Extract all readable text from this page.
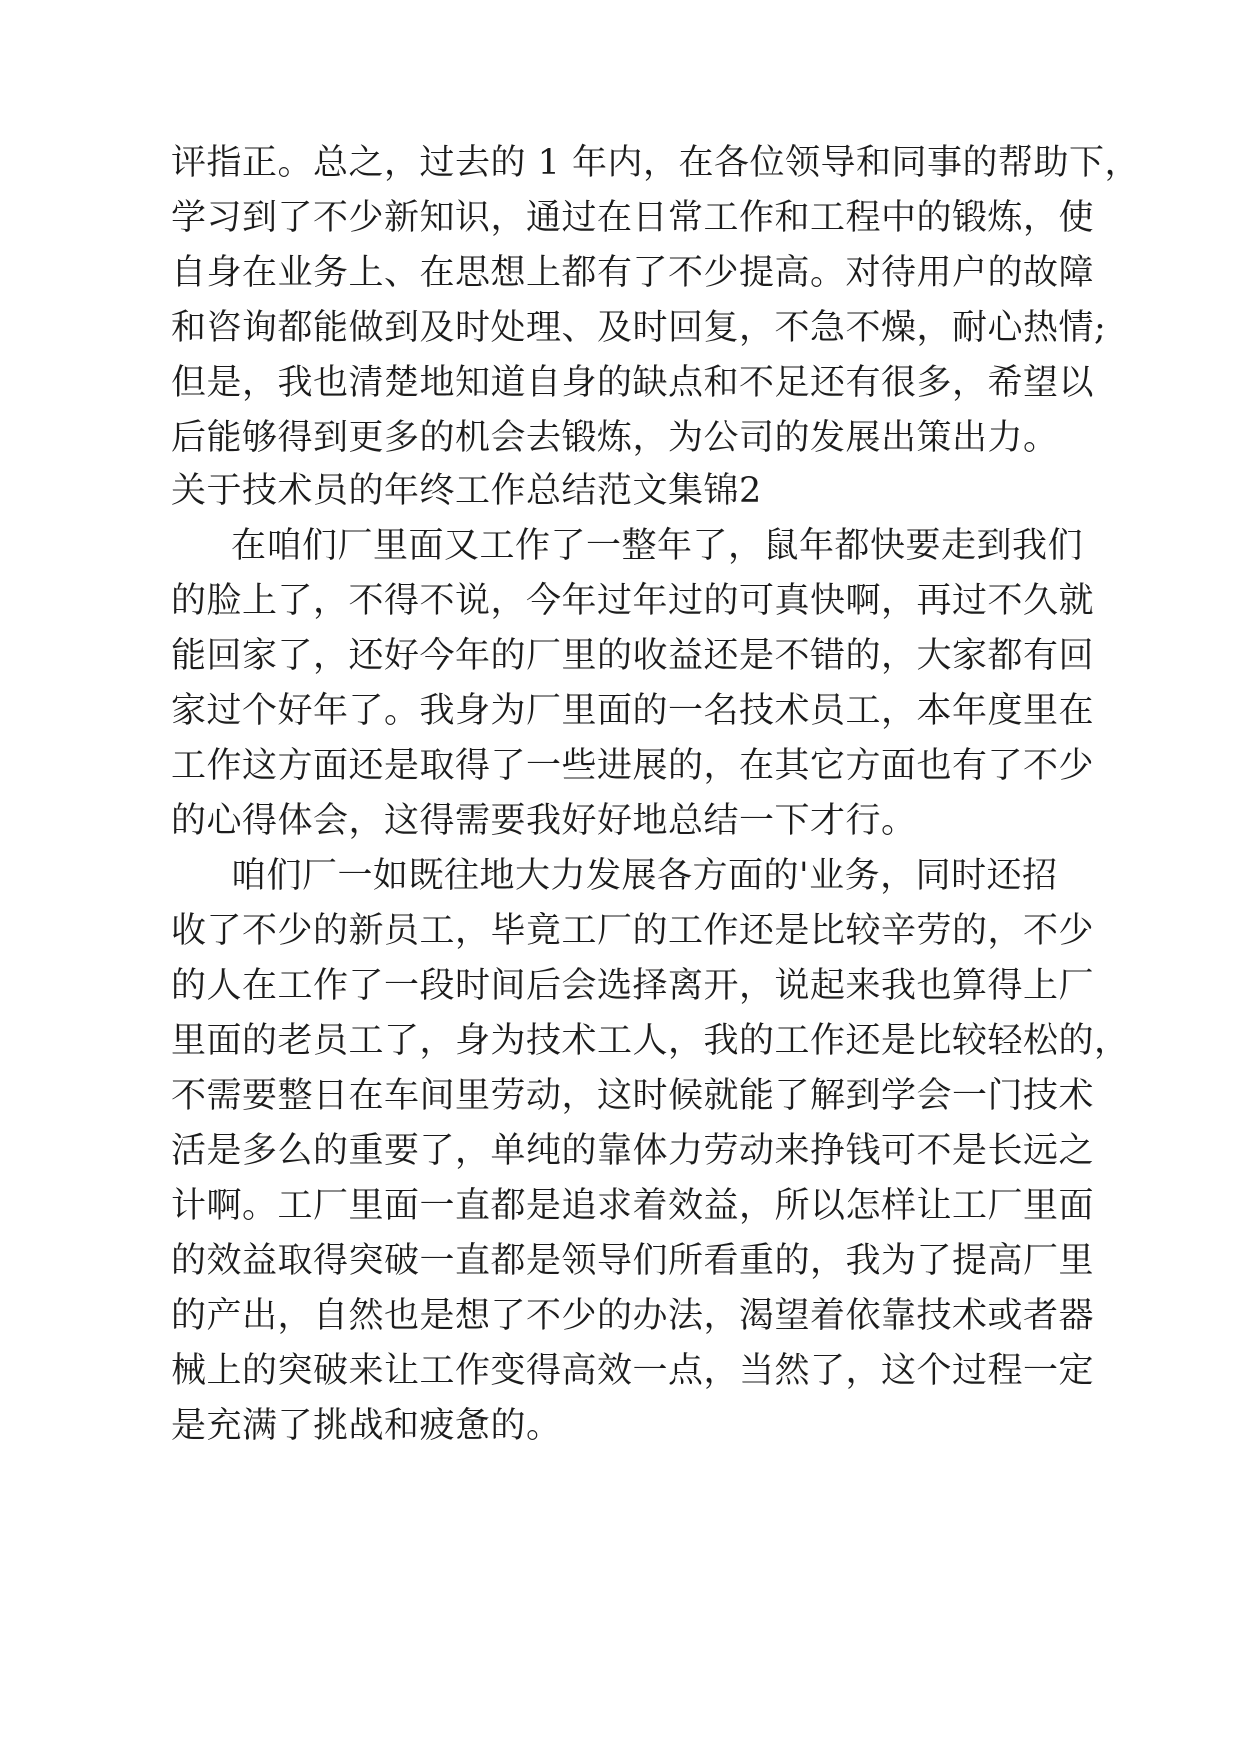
评指正。总之，过去的 1 年内，在各位领导和同事的帮助下，
学习到了不少新知识，通过在日常工作和工程中的锻炼，使
自身在业务上、在思想上都有了不少提高。对待用户的故障
和咨询都能做到及时处理、及时回复，不急不燥，耐心热情;
但是，我也清楚地知道自身的缺点和不足还有很多，希望以
后能够得到更多的机会去锻炼，为公司的发展出策出力。
关于技术员的年终工作总结范文集锦2
在咱们厂里面又工作了一整年了，鼠年都快要走到我们
的脸上了，不得不说，今年过年过的可真快啊，再过不久就
能回家了，还好今年的厂里的收益还是不错的，大家都有回
家过个好年了。我身为厂里面的一名技术员工，本年度里在
工作这方面还是取得了一些进展的，在其它方面也有了不少
的心得体会，这得需要我好好地总结一下才行。
咱们厂一如既往地大力发展各方面的'业务，同时还招
收了不少的新员工，毕竟工厂的工作还是比较辛劳的，不少
的人在工作了一段时间后会选择离开，说起来我也算得上厂
里面的老员工了，身为技术工人，我的工作还是比较轻松的，
不需要整日在车间里劳动，这时候就能了解到学会一门技术
活是多么的重要了，单纯的靠体力劳动来挣钱可不是长远之
计啊。工厂里面一直都是追求着效益，所以怎样让工厂里面
的效益取得突破一直都是领导们所看重的，我为了提高厂里
的产出，自然也是想了不少的办法，渴望着依靠技术或者器
械上的突破来让工作变得高效一点，当然了，这个过程一定
是充满了挑战和疲惫的。
